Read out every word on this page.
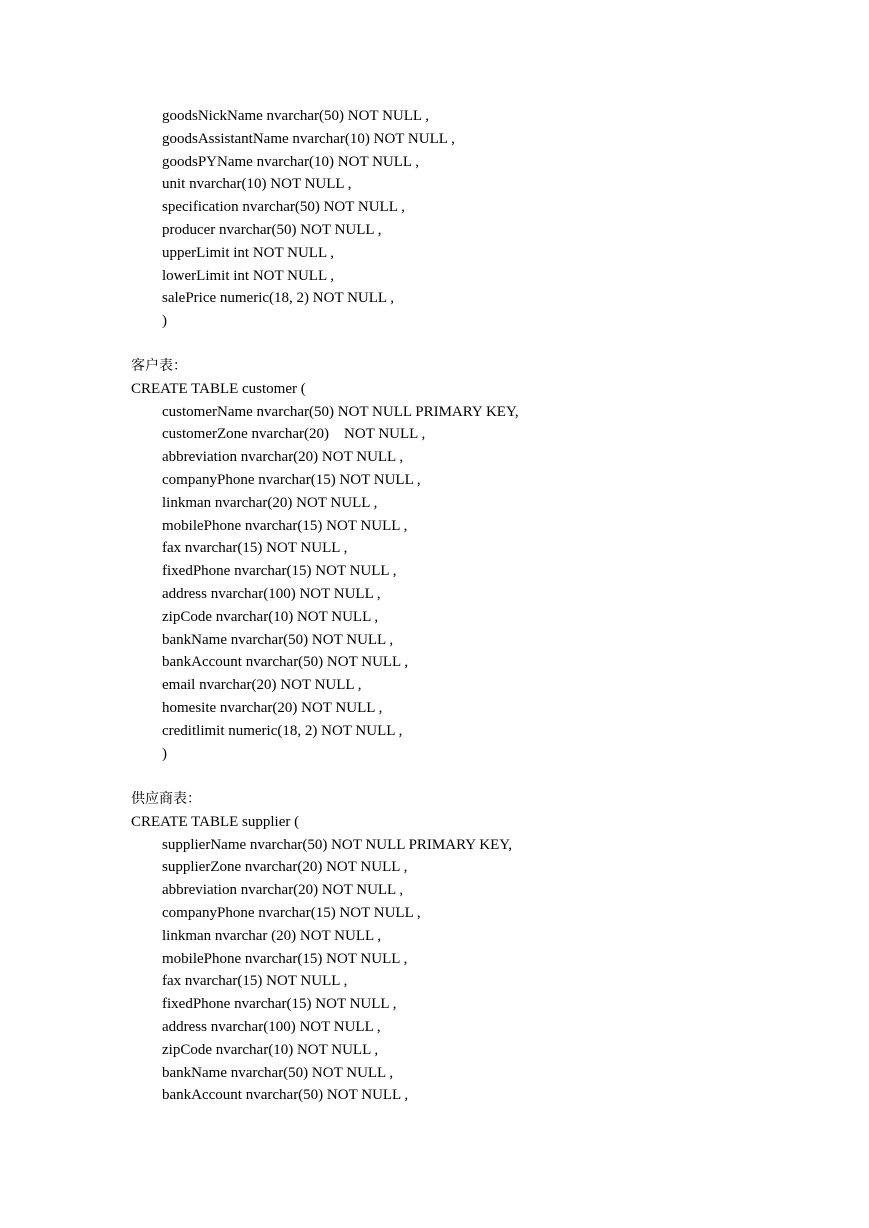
goodsNickName nvarchar(50) NOT NULL ,
goodsAssistantName nvarchar(10) NOT NULL ,
goodsPYName nvarchar(10) NOT NULL ,
unit nvarchar(10) NOT NULL ,
specification nvarchar(50) NOT NULL ,
producer nvarchar(50) NOT NULL ,
upperLimit int NOT NULL ,
lowerLimit int NOT NULL ,
salePrice numeric(18, 2) NOT NULL ,
)
客户表：
CREATE TABLE customer (
customerName nvarchar(50) NOT NULL PRIMARY KEY,
customerZone nvarchar(20)    NOT NULL ,
abbreviation nvarchar(20) NOT NULL ,
companyPhone nvarchar(15) NOT NULL ,
linkman nvarchar(20) NOT NULL ,
mobilePhone nvarchar(15) NOT NULL ,
fax nvarchar(15) NOT NULL ,
fixedPhone nvarchar(15) NOT NULL ,
address nvarchar(100) NOT NULL ,
zipCode nvarchar(10) NOT NULL ,
bankName nvarchar(50) NOT NULL ,
bankAccount nvarchar(50) NOT NULL ,
email nvarchar(20) NOT NULL ,
homesite nvarchar(20) NOT NULL ,
creditlimit numeric(18, 2) NOT NULL ,
)
供应商表：
CREATE TABLE supplier (
supplierName nvarchar(50) NOT NULL PRIMARY KEY,
supplierZone nvarchar(20) NOT NULL ,
abbreviation nvarchar(20) NOT NULL ,
companyPhone nvarchar(15) NOT NULL ,
linkman nvarchar (20) NOT NULL ,
mobilePhone nvarchar(15) NOT NULL ,
fax nvarchar(15) NOT NULL ,
fixedPhone nvarchar(15) NOT NULL ,
address nvarchar(100) NOT NULL ,
zipCode nvarchar(10) NOT NULL ,
bankName nvarchar(50) NOT NULL ,
bankAccount nvarchar(50) NOT NULL ,
